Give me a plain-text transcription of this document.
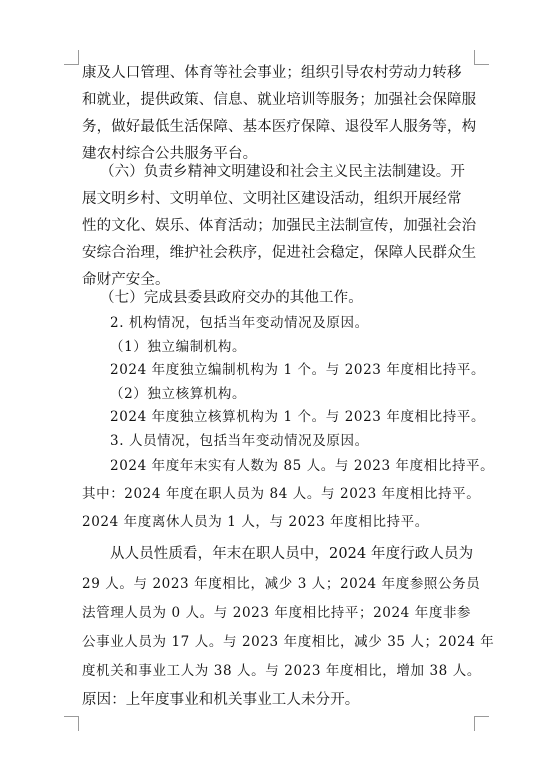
康及人口管理、体育等社会事业；组织引导农村劳动力转移
和就业，提供政策、信息、就业培训等服务；加强社会保障服
务，做好最低生活保障、基本医疗保障、退役军人服务等，构
建农村综合公共服务平台。
（六）负责乡精神文明建设和社会主义民主法制建设。开
展文明乡村、文明单位、文明社区建设活动，组织开展经常
性的文化、娱乐、体育活动；加强民主法制宣传，加强社会治
安综合治理，维护社会秩序，促进社会稳定，保障人民群众生
命财产安全。
（七）完成县委县政府交办的其他工作。
2. 机构情况，包括当年变动情况及原因。
（1）独立编制机构。
2024 年度独立编制机构为 1 个。与 2023 年度相比持平。
（2）独立核算机构。
2024 年度独立核算机构为 1 个。与 2023 年度相比持平。
3. 人员情况，包括当年变动情况及原因。
2024 年度年末实有人数为 85 人。与 2023 年度相比持平。
其中：2024 年度在职人员为 84 人。与 2023 年度相比持平。
2024 年度离休人员为 1 人，与 2023 年度相比持平。
从人员性质看，年末在职人员中，2024 年度行政人员为
29 人。与 2023 年度相比，减少 3 人；2024 年度参照公务员
法管理人员为 0 人。与 2023 年度相比持平；2024 年度非参
公事业人员为 17 人。与 2023 年度相比，减少 35 人；2024 年
度机关和事业工人为 38 人。与 2023 年度相比，增加 38 人。
原因：上年度事业和机关事业工人未分开。
